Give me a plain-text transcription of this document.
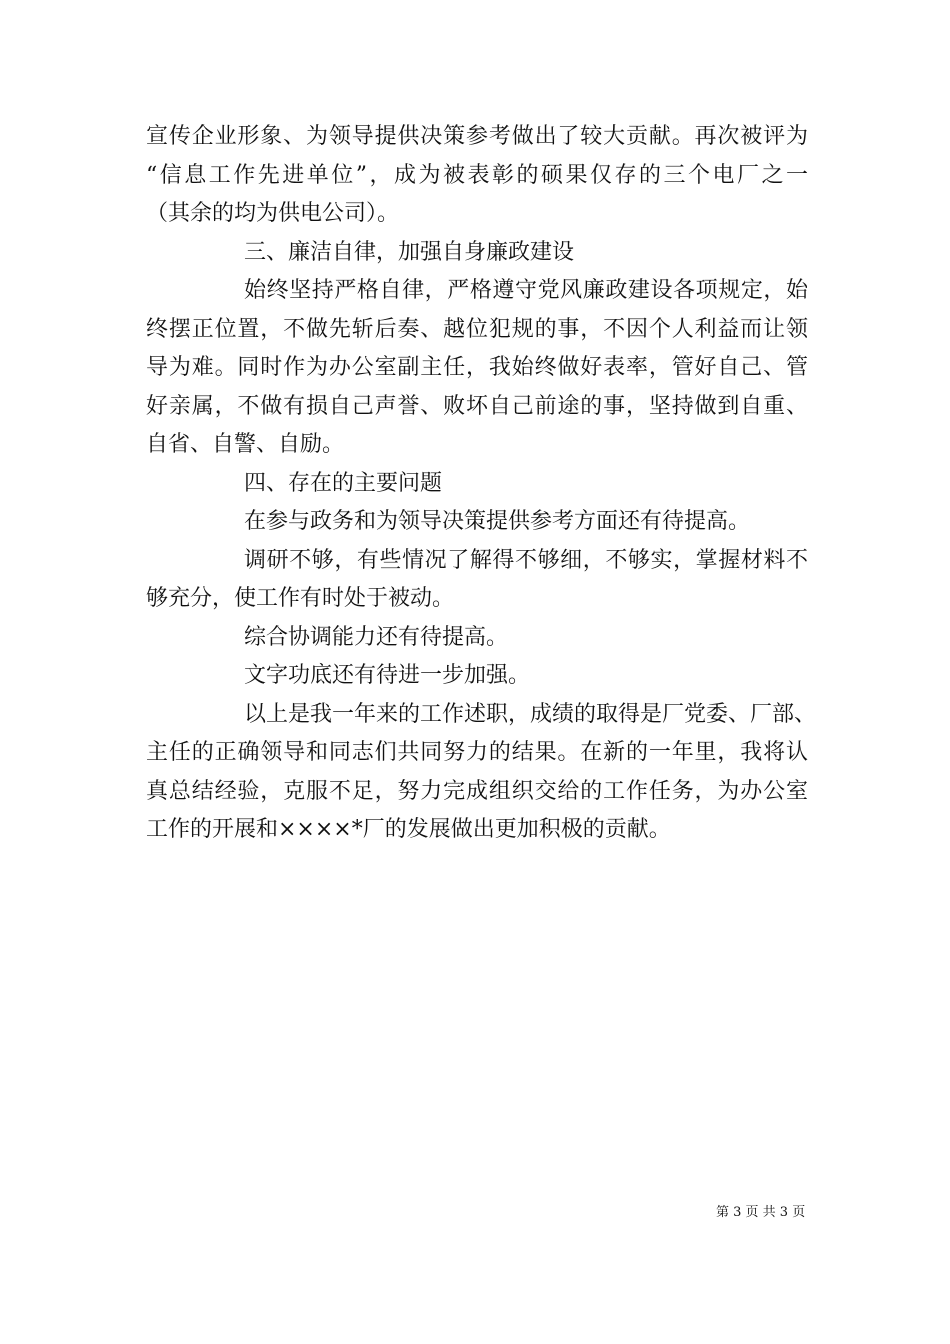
宣传企业形象、为领导提供决策参考做出了较大贡献。再次被评为
“信息工作先进单位”，成为被表彰的硕果仅存的三个电厂之一
（其余的均为供电公司）。
三、廉洁自律，加强自身廉政建设
始终坚持严格自律，严格遵守党风廉政建设各项规定，始
终摆正位置，不做先斩后奏、越位犯规的事，不因个人利益而让领
导为难。同时作为办公室副主任，我始终做好表率，管好自己、管
好亲属，不做有损自己声誉、败坏自己前途的事，坚持做到自重、
自省、自警、自励。
四、存在的主要问题
在参与政务和为领导决策提供参考方面还有待提高。
调研不够，有些情况了解得不够细，不够实，掌握材料不
够充分，使工作有时处于被动。
综合协调能力还有待提高。
文字功底还有待进一步加强。
以上是我一年来的工作述职，成绩的取得是厂党委、厂部、
主任的正确领导和同志们共同努力的结果。在新的一年里，我将认
真总结经验，克服不足，努力完成组织交给的工作任务，为办公室
工作的开展和××××*厂的发展做出更加积极的贡献。
第 3 页 共 3 页
